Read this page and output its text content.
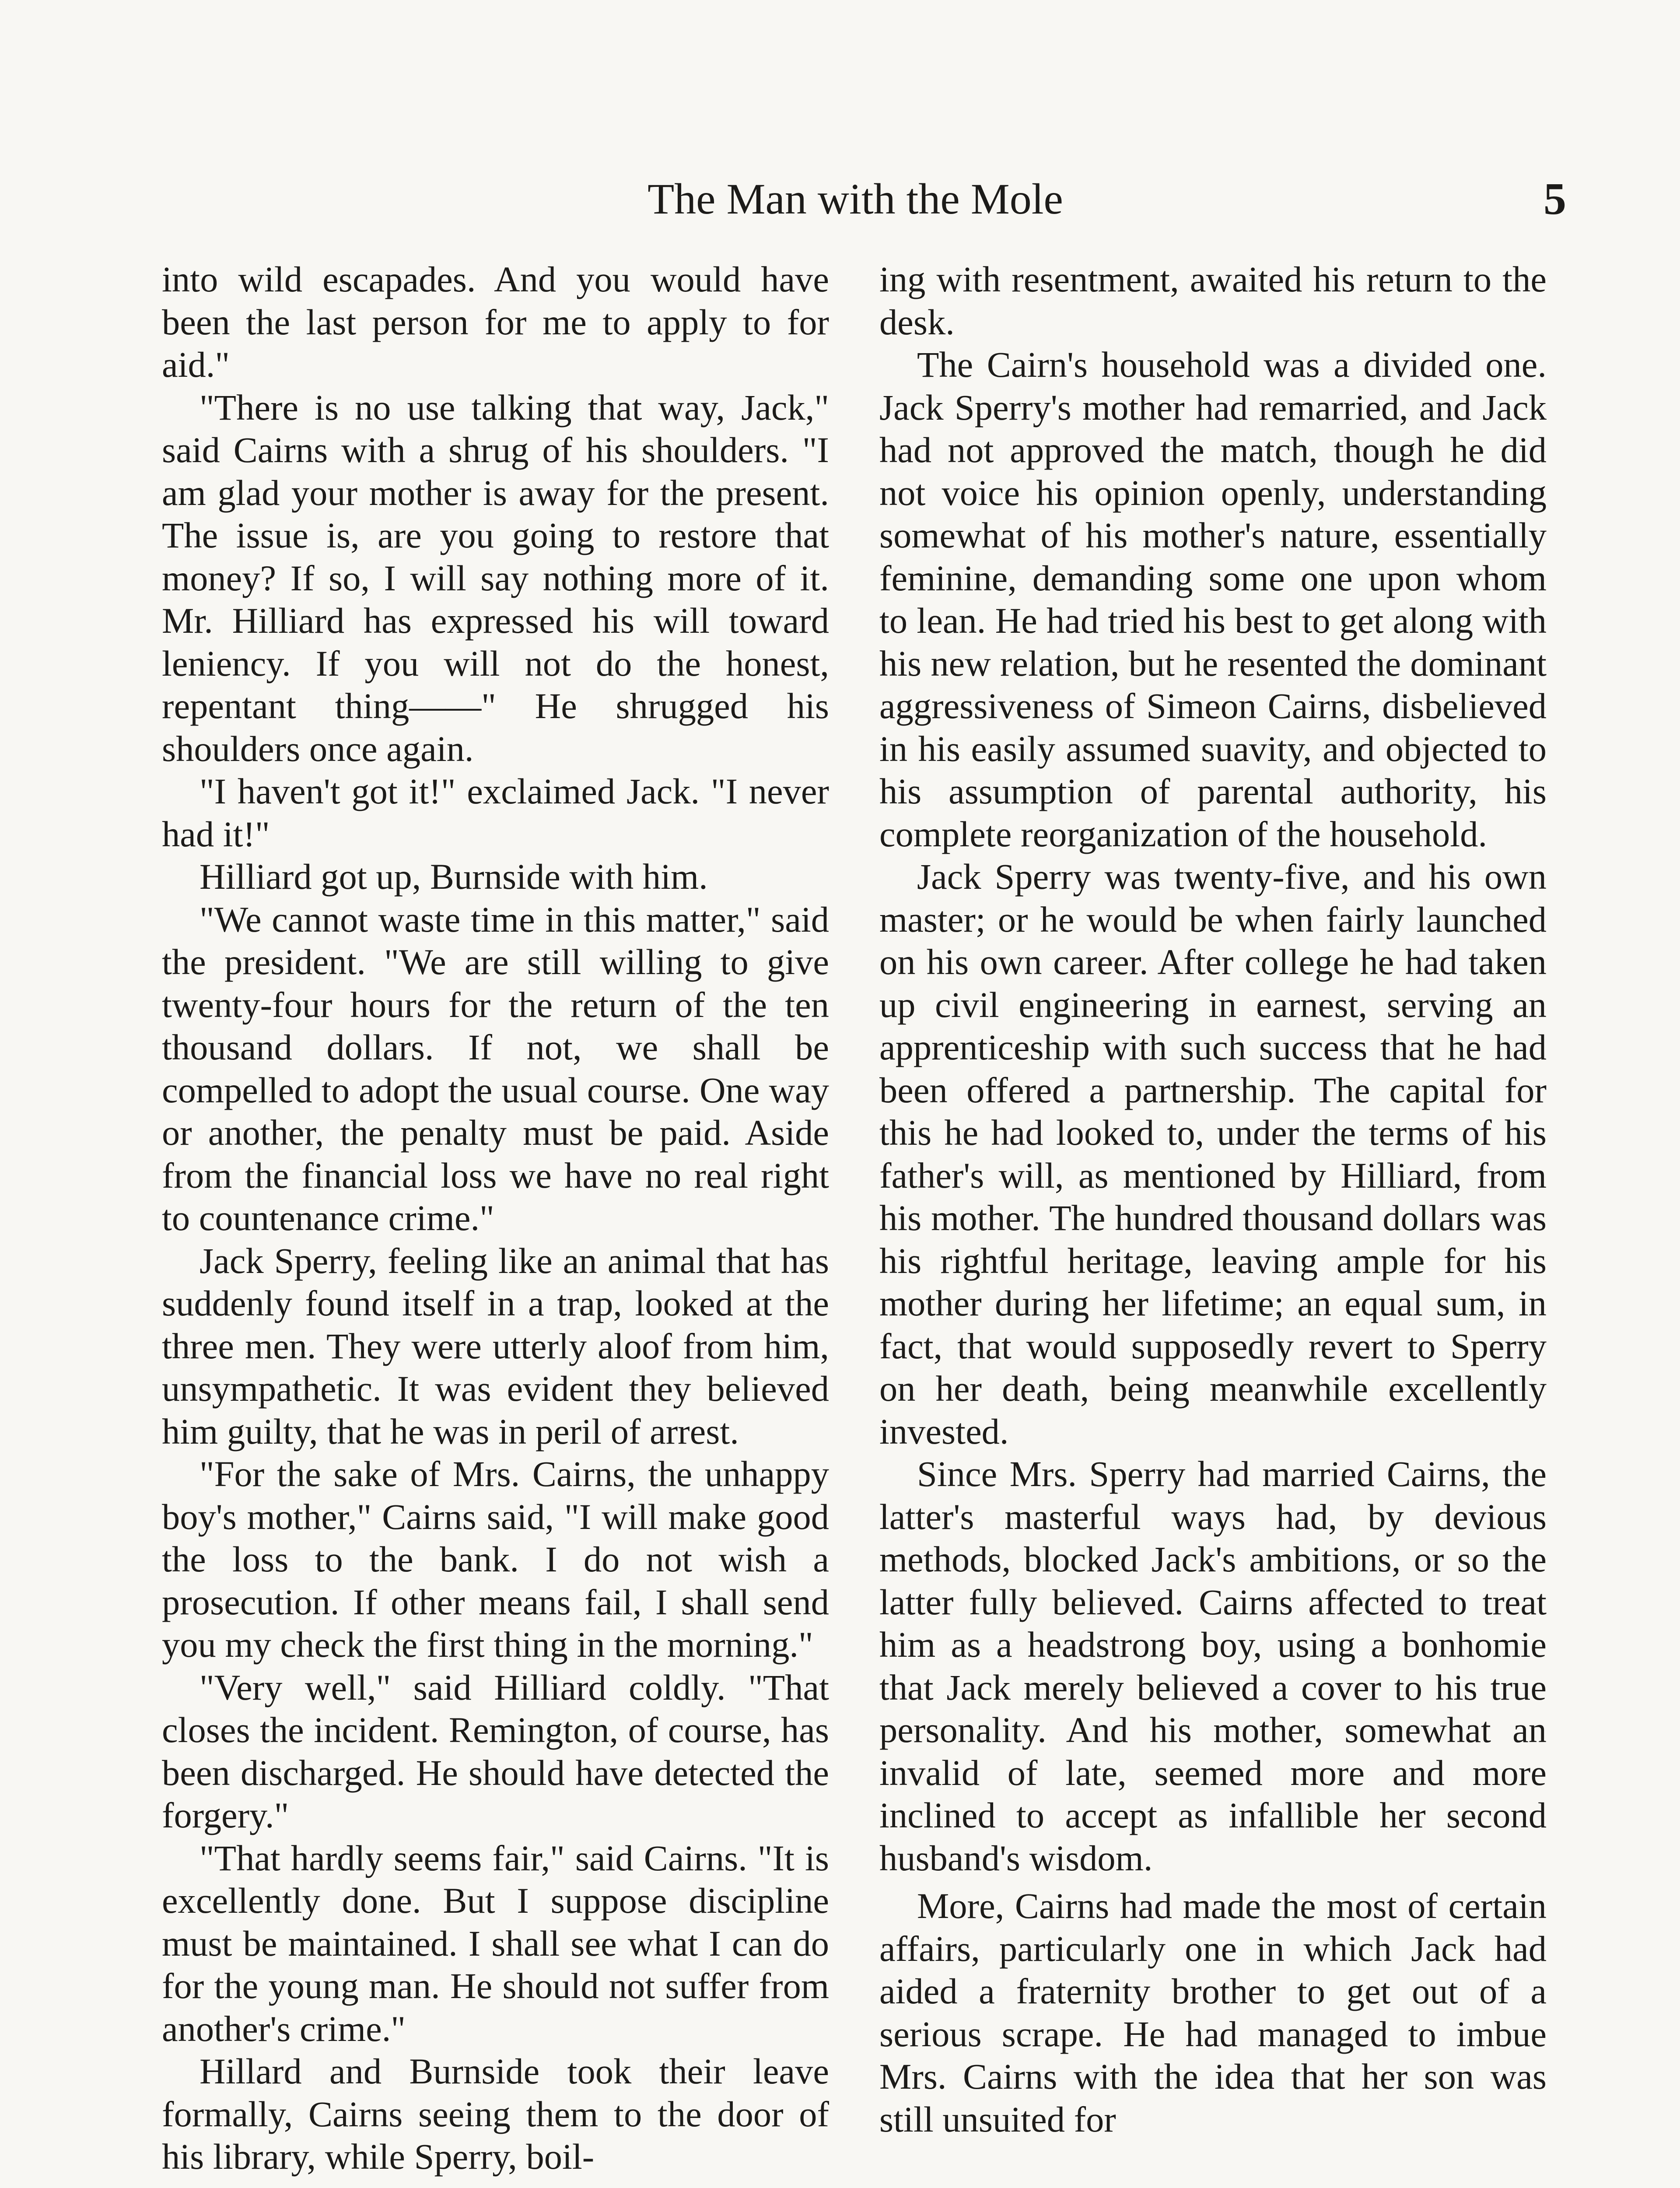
The Man with the Mole	5

into wild escapades. And you would have been the last person for me to apply to for aid."

"There is no use talking that way, Jack," said Cairns with a shrug of his shoulders. "I am glad your mother is away for the present. The issue is, are you going to restore that money? If so, I will say nothing more of it. Mr. Hilliard has expressed his will toward leniency. If you will not do the honest, repentant thing——" He shrugged his shoulders once again.

"I haven't got it!" exclaimed Jack. "I never had it!"

Hilliard got up, Burnside with him.

"We cannot waste time in this matter," said the president. "We are still willing to give twenty-four hours for the return of the ten thousand dollars. If not, we shall be compelled to adopt the usual course. One way or another, the penalty must be paid. Aside from the financial loss we have no real right to countenance crime."

Jack Sperry, feeling like an animal that has suddenly found itself in a trap, looked at the three men. They were utterly aloof from him, unsympathetic. It was evident they believed him guilty, that he was in peril of arrest.

"For the sake of Mrs. Cairns, the unhappy boy's mother," Cairns said, "I will make good the loss to the bank. I do not wish a prosecution. If other means fail, I shall send you my check the first thing in the morning."

"Very well," said Hilliard coldly. "That closes the incident. Remington, of course, has been discharged. He should have detected the forgery."

"That hardly seems fair," said Cairns. "It is excellently done. But I suppose discipline must be maintained. I shall see what I can do for the young man. He should not suffer from another's crime."

Hillard and Burnside took their leave formally, Cairns seeing them to the door of his library, while Sperry, boil-

ing with resentment, awaited his return to the desk.

The Cairn's household was a divided one. Jack Sperry's mother had remarried, and Jack had not approved the match, though he did not voice his opinion openly, understanding somewhat of his mother's nature, essentially feminine, demanding some one upon whom to lean. He had tried his best to get along with his new relation, but he resented the dominant aggressiveness of Simeon Cairns, disbelieved in his easily assumed suavity, and objected to his assumption of parental authority, his complete reorganization of the household.

Jack Sperry was twenty-five, and his own master; or he would be when fairly launched on his own career. After college he had taken up civil engineering in earnest, serving an apprenticeship with such success that he had been offered a partnership. The capital for this he had looked to, under the terms of his father's will, as mentioned by Hilliard, from his mother. The hundred thousand dollars was his rightful heritage, leaving ample for his mother during her lifetime; an equal sum, in fact, that would supposedly revert to Sperry on her death, being meanwhile excellently invested.

Since Mrs. Sperry had married Cairns, the latter's masterful ways had, by devious methods, blocked Jack's ambitions, or so the latter fully believed. Cairns affected to treat him as a headstrong boy, using a bonhomie that Jack merely believed a cover to his true personality. And his mother, somewhat an invalid of late, seemed more and more inclined to accept as infallible her second husband's wisdom.

More, Cairns had made the most of certain affairs, particularly one in which Jack had aided a fraternity brother to get out of a serious scrape. He had managed to imbue Mrs. Cairns with the idea that her son was still unsuited for
